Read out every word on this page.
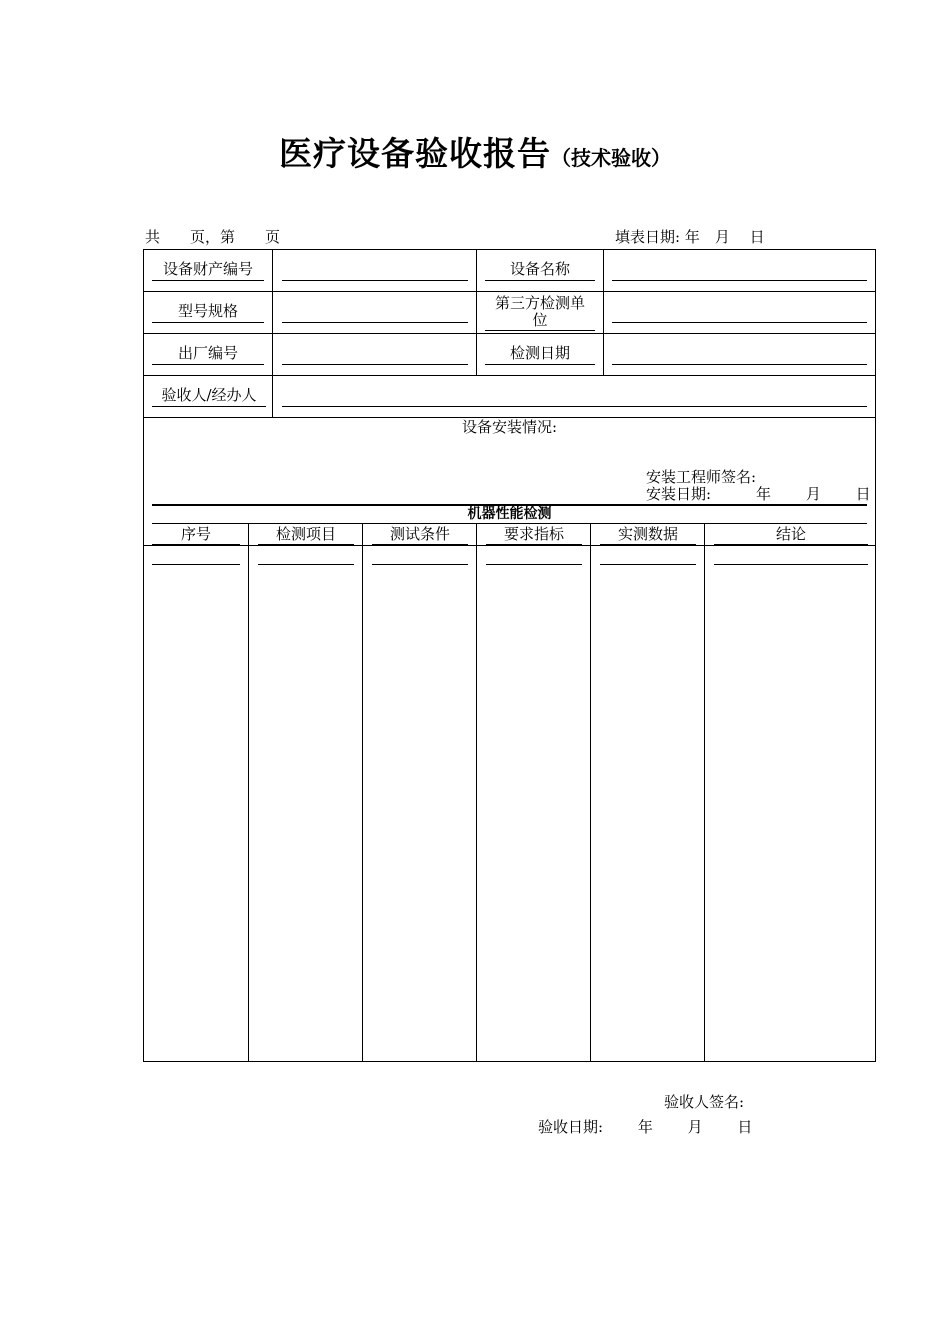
医疗设备验收报告（技术验收）
共　　页，第　　页	填表日期: 年　月　 日
设备财产编号	设备名称
型号规格	第三方检测单
位
出厂编号	检测日期
验收人/经办人
设备安装情况:
安装工程师签名:
安装日期:　　　年　　 月　　 日
机器性能检测
序号	检测项目	测试条件	要求指标	实测数据	结论
验收人签名:
验收日期:　　 年　　 月　　 日
